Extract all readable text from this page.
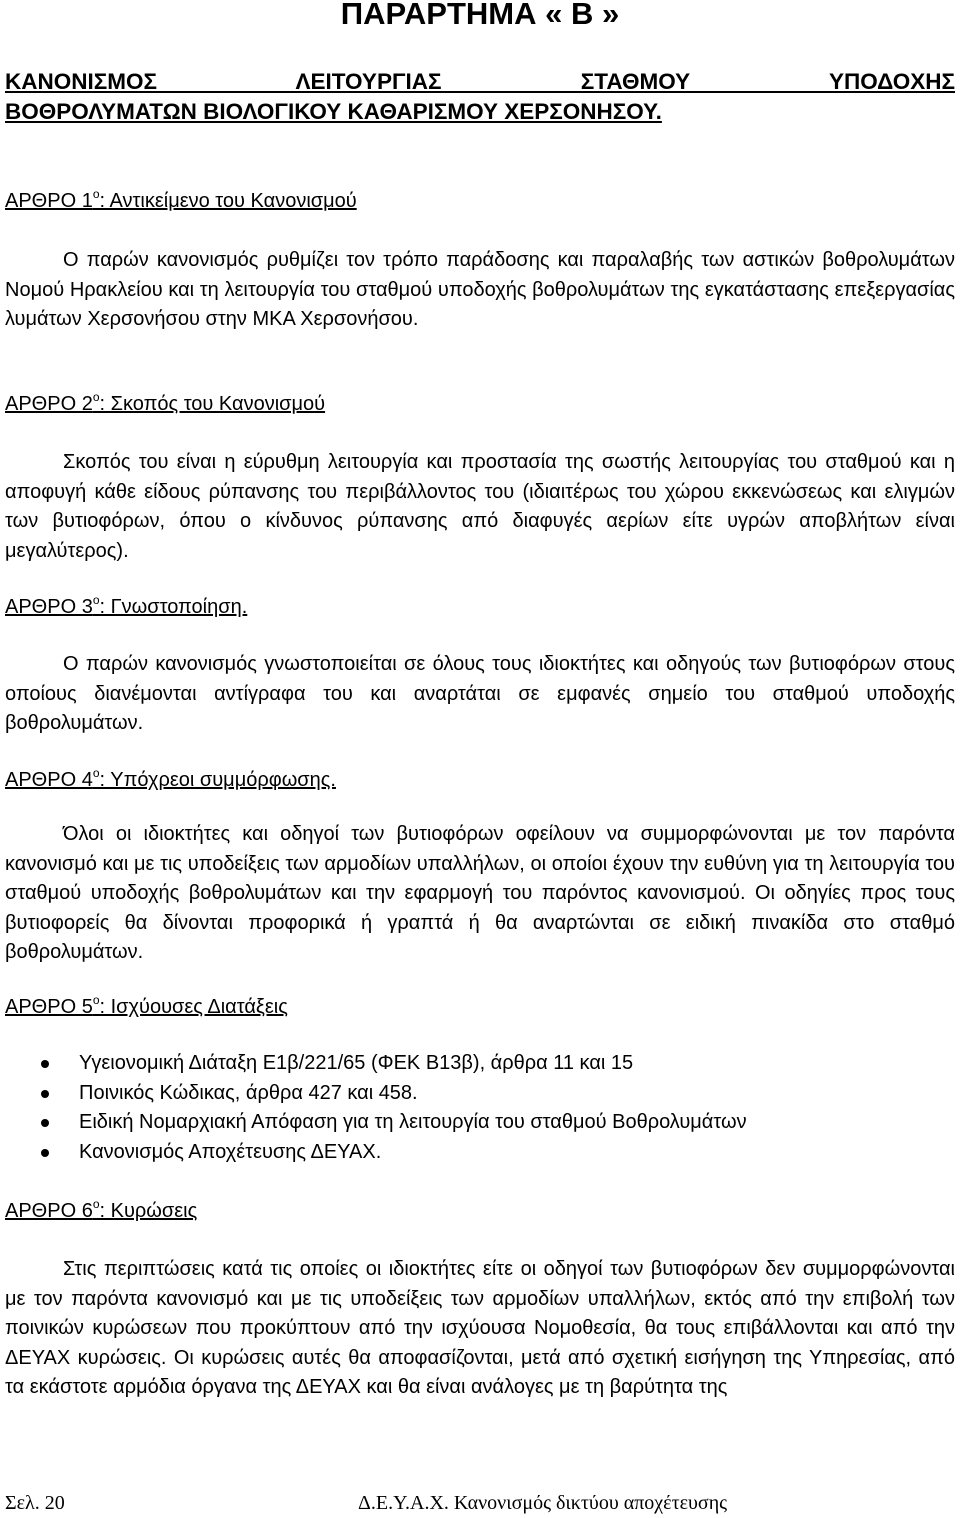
ΠΑΡΑΡΤΗΜΑ « Β »
ΚΑΝΟΝΙΣΜΟΣ ΛΕΙΤΟΥΡΓΙΑΣ ΣΤΑΘΜΟΥ ΥΠΟΔΟΧΗΣ
ΒΟΘΡΟΛΥΜΑΤΩΝ ΒΙΟΛΟΓΙΚΟΥ ΚΑΘΑΡΙΣΜΟΥ ΧΕΡΣΟΝΗΣΟΥ.
ΑΡΘΡΟ $1^o$: Αντικείμενο του Κανονισμού

Ο παρών κανονισμός ρυθμίζει τον τρόπο παράδοσης και παραλαβής των αστικών βοθρολυμάτων Νομού Ηρακλείου και τη λειτουργία του σταθμού υποδοχής βοθρολυμάτων της εγκατάστασης επεξεργασίας λυμάτων Χερσονήσου στην ΜΚΑ Χερσονήσου.

ΑΡΘΡΟ $2^o$: Σκοπός του Κανονισμού

Σκοπός του είναι η εύρυθμη λειτουργία και προστασία της σωστής λειτουργίας του σταθμού και η αποφυγή κάθε είδους ρύπανσης του περιβάλλοντος του (ιδιαιτέρως του χώρου εκκενώσεως και ελιγμών των βυτιοφόρων, όπου ο κίνδυνος ρύπανσης από διαφυγές αερίων είτε υγρών αποβλήτων είναι μεγαλύτερος).

ΑΡΘΡΟ $3^o$: Γνωστοποίηση.

Ο παρών κανονισμός γνωστοποιείται σε όλους τους ιδιοκτήτες και οδηγούς των βυτιοφόρων στους οποίους διανέμονται αντίγραφα του και αναρτάται σε εμφανές σημείο του σταθμού υποδοχής βοθρολυμάτων.

ΑΡΘΡΟ $4^o$: Υπόχρεοι συμμόρφωσης.

Όλοι οι ιδιοκτήτες και οδηγοί των βυτιοφόρων οφείλουν να συμμορφώνονται με τον παρόντα κανονισμό και με τις υποδείξεις των αρμοδίων υπαλλήλων, οι οποίοι έχουν την ευθύνη για τη λειτουργία του σταθμού υποδοχής βοθρολυμάτων και την εφαρμογή του παρόντος κανονισμού. Οι οδηγίες προς τους βυτιοφορείς θα δίνονται προφορικά ή γραπτά ή θα αναρτώνται σε ειδική πινακίδα στο σταθμό βοθρολυμάτων.

ΑΡΘΡΟ $5^o$: Ισχύουσες Διατάξεις
Υγειονομική Διάταξη Ε1β/221/65 (ΦΕΚ Β13β), άρθρα 11 και 15
Ποινικός Κώδικας, άρθρα 427 και 458.
Ειδική Νομαρχιακή Απόφαση για τη λειτουργία του σταθμού Βοθρολυμάτων
Κανονισμός Αποχέτευσης ΔΕΥΑΧ.
ΑΡΘΡΟ $6^o$: Κυρώσεις

Στις περιπτώσεις κατά τις οποίες οι ιδιοκτήτες είτε οι οδηγοί των βυτιοφόρων δεν συμμορφώνονται με τον παρόντα κανονισμό και με τις υποδείξεις των αρμοδίων υπαλλήλων, εκτός από την επιβολή των ποινικών κυρώσεων που προκύπτουν από την ισχύουσα Νομοθεσία, θα τους επιβάλλονται και από την ΔΕΥΑΧ κυρώσεις. Οι κυρώσεις αυτές θα αποφασίζονται, μετά από σχετική εισήγηση της Υπηρεσίας, από τα εκάστοτε αρμόδια όργανα της ΔΕΥΑΧ και θα είναι ανάλογες με τη βαρύτητα της

Σελ. 20	Δ.Ε.Υ.Α.Χ. Κανονισμός δικτύου αποχέτευσης
